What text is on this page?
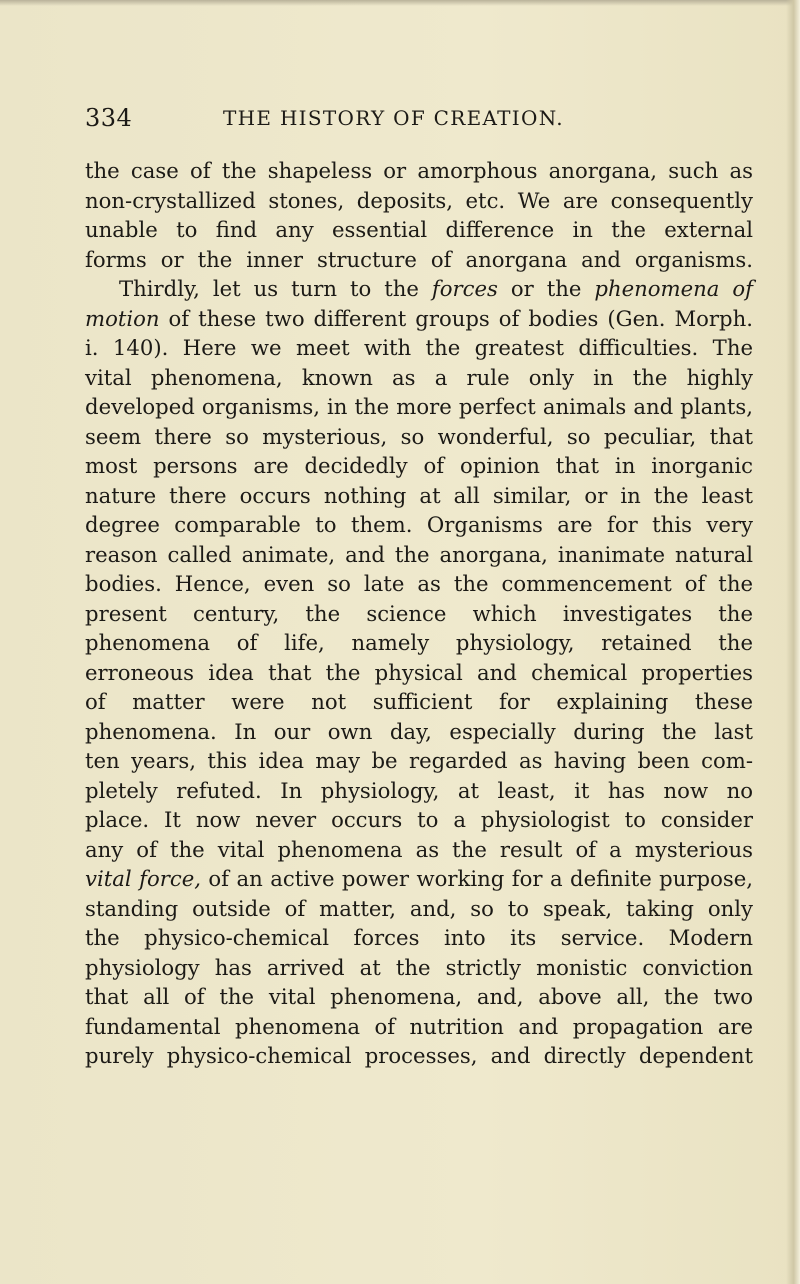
334	THE HISTORY OF CREATION.
the case of the shapeless or amorphous anorgana, such as
non-crystallized stones, deposits, etc. We are consequently
unable to find any essential difference in the external
forms or the inner structure of anorgana and organisms.
Thirdly, let us turn to the forces or the phenomena of
motion of these two different groups of bodies (Gen. Morph.
i. 140). Here we meet with the greatest difficulties. The
vital phenomena, known as a rule only in the highly
developed organisms, in the more perfect animals and plants,
seem there so mysterious, so wonderful, so peculiar, that
most persons are decidedly of opinion that in inorganic
nature there occurs nothing at all similar, or in the least
degree comparable to them. Organisms are for this very
reason called animate, and the anorgana, inanimate natural
bodies. Hence, even so late as the commencement of the
present century, the science which investigates the
phenomena of life, namely physiology, retained the
erroneous idea that the physical and chemical properties
of matter were not sufficient for explaining these
phenomena. In our own day, especially during the last
ten years, this idea may be regarded as having been com-
pletely refuted. In physiology, at least, it has now no
place. It now never occurs to a physiologist to consider
any of the vital phenomena as the result of a mysterious
vital force, of an active power working for a definite purpose,
standing outside of matter, and, so to speak, taking only
the physico-chemical forces into its service. Modern
physiology has arrived at the strictly monistic conviction
that all of the vital phenomena, and, above all, the two
fundamental phenomena of nutrition and propagation are
purely physico-chemical processes, and directly dependent
